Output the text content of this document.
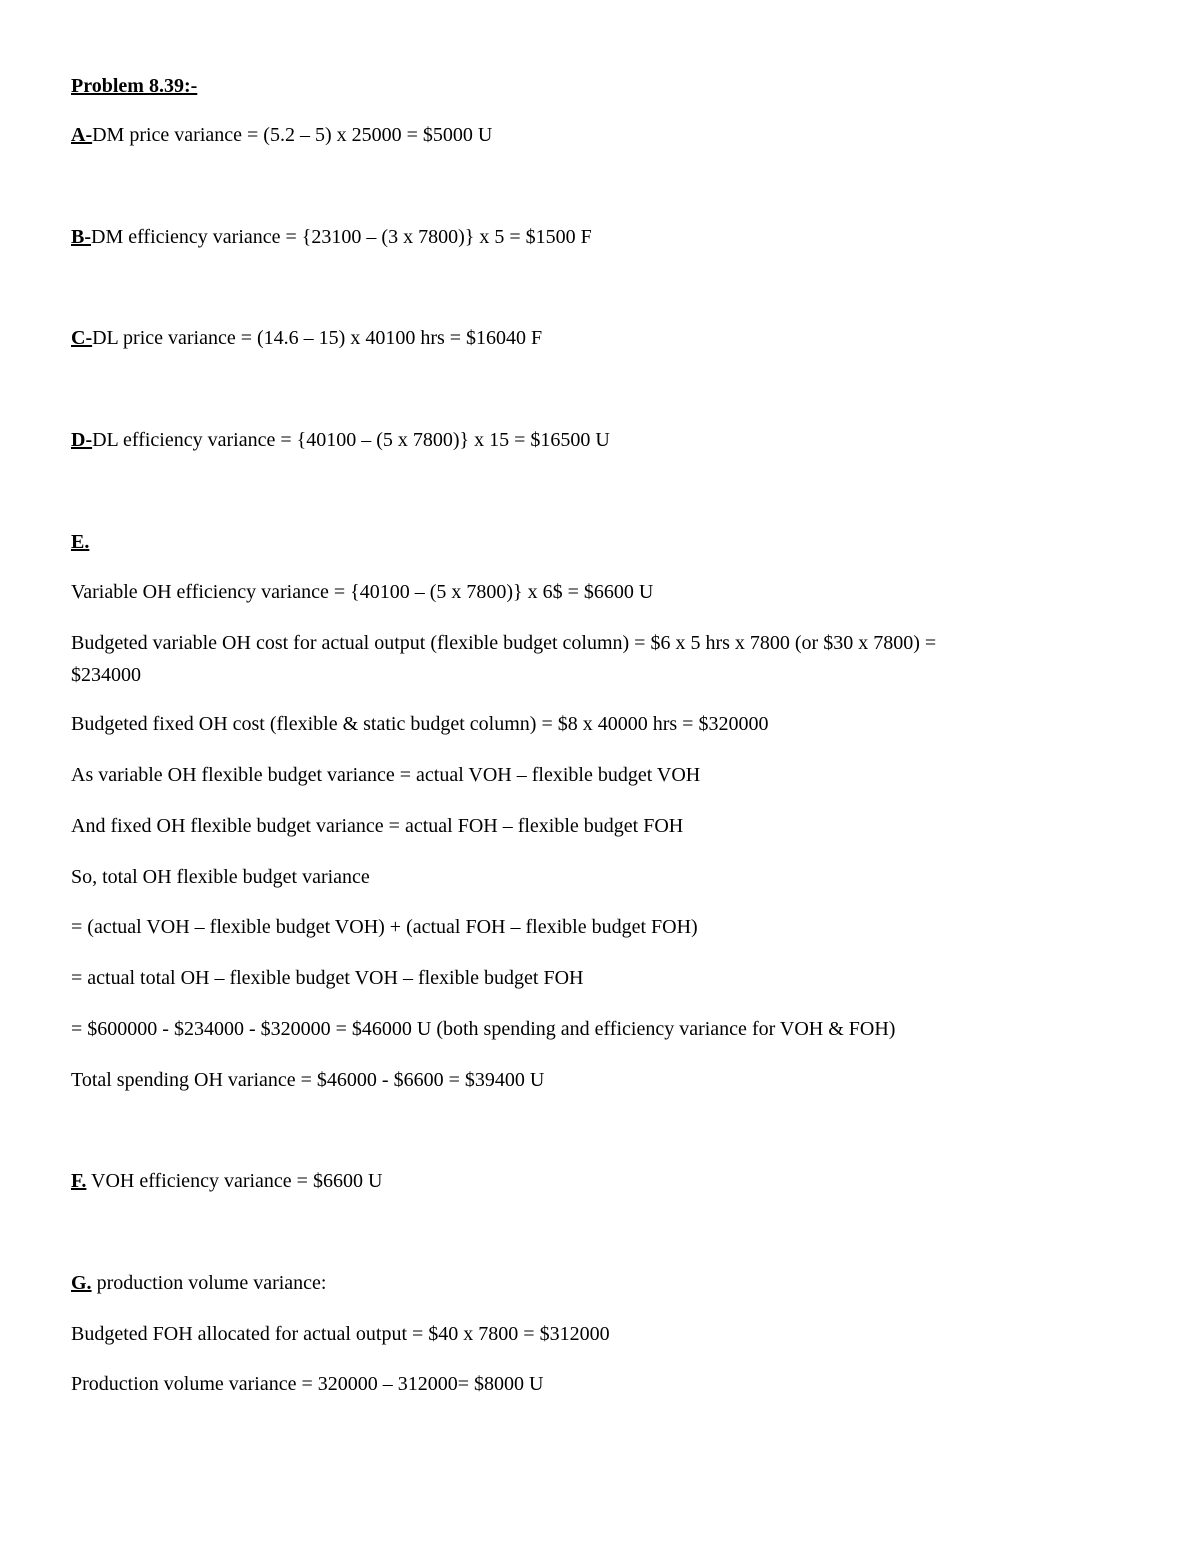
Problem 8.39:-
A-DM price variance = (5.2 – 5) x 25000 = $5000 U
B-DM efficiency variance = {23100 – (3 x 7800)} x 5 = $1500 F
C-DL price variance = (14.6 – 15) x 40100 hrs = $16040 F
D-DL efficiency variance = {40100 – (5 x 7800)} x 15 = $16500 U
E.
Variable OH efficiency variance = {40100 – (5 x 7800)} x 6$ = $6600 U
Budgeted variable OH cost for actual output (flexible budget column) = $6 x 5 hrs x 7800 (or $30 x 7800) =
$234000
Budgeted fixed OH cost (flexible & static budget column) = $8 x 40000 hrs = $320000
As variable OH flexible budget variance = actual VOH – flexible budget VOH
And fixed OH flexible budget variance = actual FOH – flexible budget FOH
So, total OH flexible budget variance
= (actual VOH – flexible budget VOH) + (actual FOH – flexible budget FOH)
= actual total OH – flexible budget VOH – flexible budget FOH
= $600000 - $234000 - $320000 = $46000 U (both spending and efficiency variance for VOH & FOH)
Total spending OH variance = $46000 - $6600 = $39400 U
F. VOH efficiency variance = $6600 U
G. production volume variance:
Budgeted FOH allocated for actual output = $40 x 7800 = $312000
Production volume variance = 320000 – 312000= $8000 U
